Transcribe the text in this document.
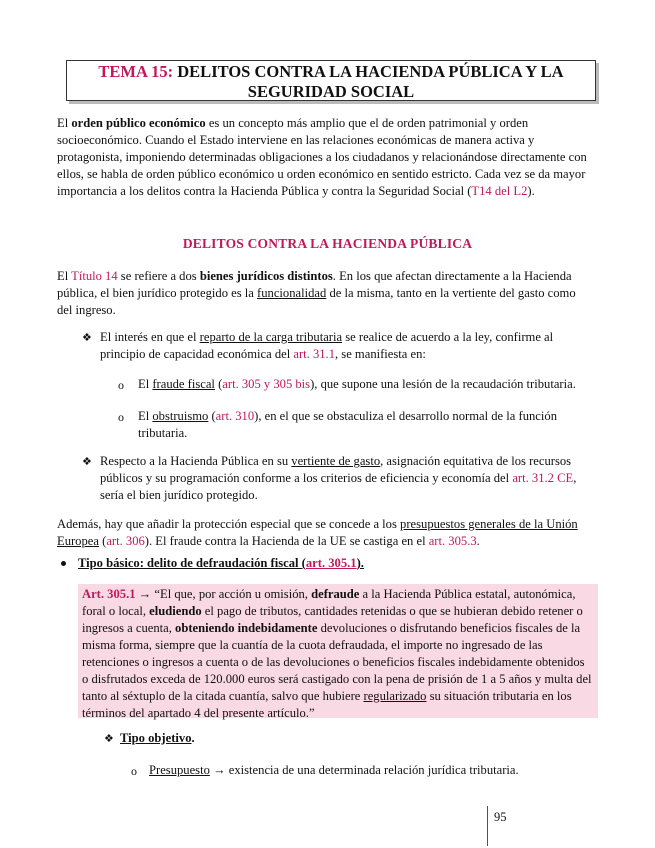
TEMA 15: DELITOS CONTRA LA HACIENDA PÚBLICA Y LA
SEGURIDAD SOCIAL
El orden público económico es un concepto más amplio que el de orden patrimonial y orden
socioeconómico. Cuando el Estado interviene en las relaciones económicas de manera activa y
protagonista, imponiendo determinadas obligaciones a los ciudadanos y relacionándose directamente con
ellos, se habla de orden público económico u orden económico en sentido estricto. Cada vez se da mayor
importancia a los delitos contra la Hacienda Pública y contra la Seguridad Social (T14 del L2).
DELITOS CONTRA LA HACIENDA PÚBLICA
El Título 14 se refiere a dos bienes jurídicos distintos. En los que afectan directamente a la Hacienda
pública, el bien jurídico protegido es la funcionalidad de la misma, tanto en la vertiente del gasto como
del ingreso.
❖ El interés en que el reparto de la carga tributaria se realice de acuerdo a la ley, confirme al
principio de capacidad económica del art. 31.1, se manifiesta en:
o El fraude fiscal (art. 305 y 305 bis), que supone una lesión de la recaudación tributaria.
o El obstruismo (art. 310), en el que se obstaculiza el desarrollo normal de la función
tributaria.
❖ Respecto a la Hacienda Pública en su vertiente de gasto, asignación equitativa de los recursos
públicos y su programación conforme a los criterios de eficiencia y economía del art. 31.2 CE,
sería el bien jurídico protegido.
Además, hay que añadir la protección especial que se concede a los presupuestos generales de la Unión
Europea (art. 306). El fraude contra la Hacienda de la UE se castiga en el art. 305.3.
Tipo básico: delito de defraudación fiscal (art. 305.1).
Art. 305.1 → “El que, por acción u omisión, defraude a la Hacienda Pública estatal, autonómica,
foral o local, eludiendo el pago de tributos, cantidades retenidas o que se hubieran debido retener o
ingresos a cuenta, obteniendo indebidamente devoluciones o disfrutando beneficios fiscales de la
misma forma, siempre que la cuantía de la cuota defraudada, el importe no ingresado de las
retenciones o ingresos a cuenta o de las devoluciones o beneficios fiscales indebidamente obtenidos
o disfrutados exceda de 120.000 euros será castigado con la pena de prisión de 1 a 5 años y multa del
tanto al séxtuplo de la citada cuantía, salvo que hubiere regularizado su situación tributaria en los
términos del apartado 4 del presente artículo.”
❖ Tipo objetivo.
o Presupuesto → existencia de una determinada relación jurídica tributaria.
95
